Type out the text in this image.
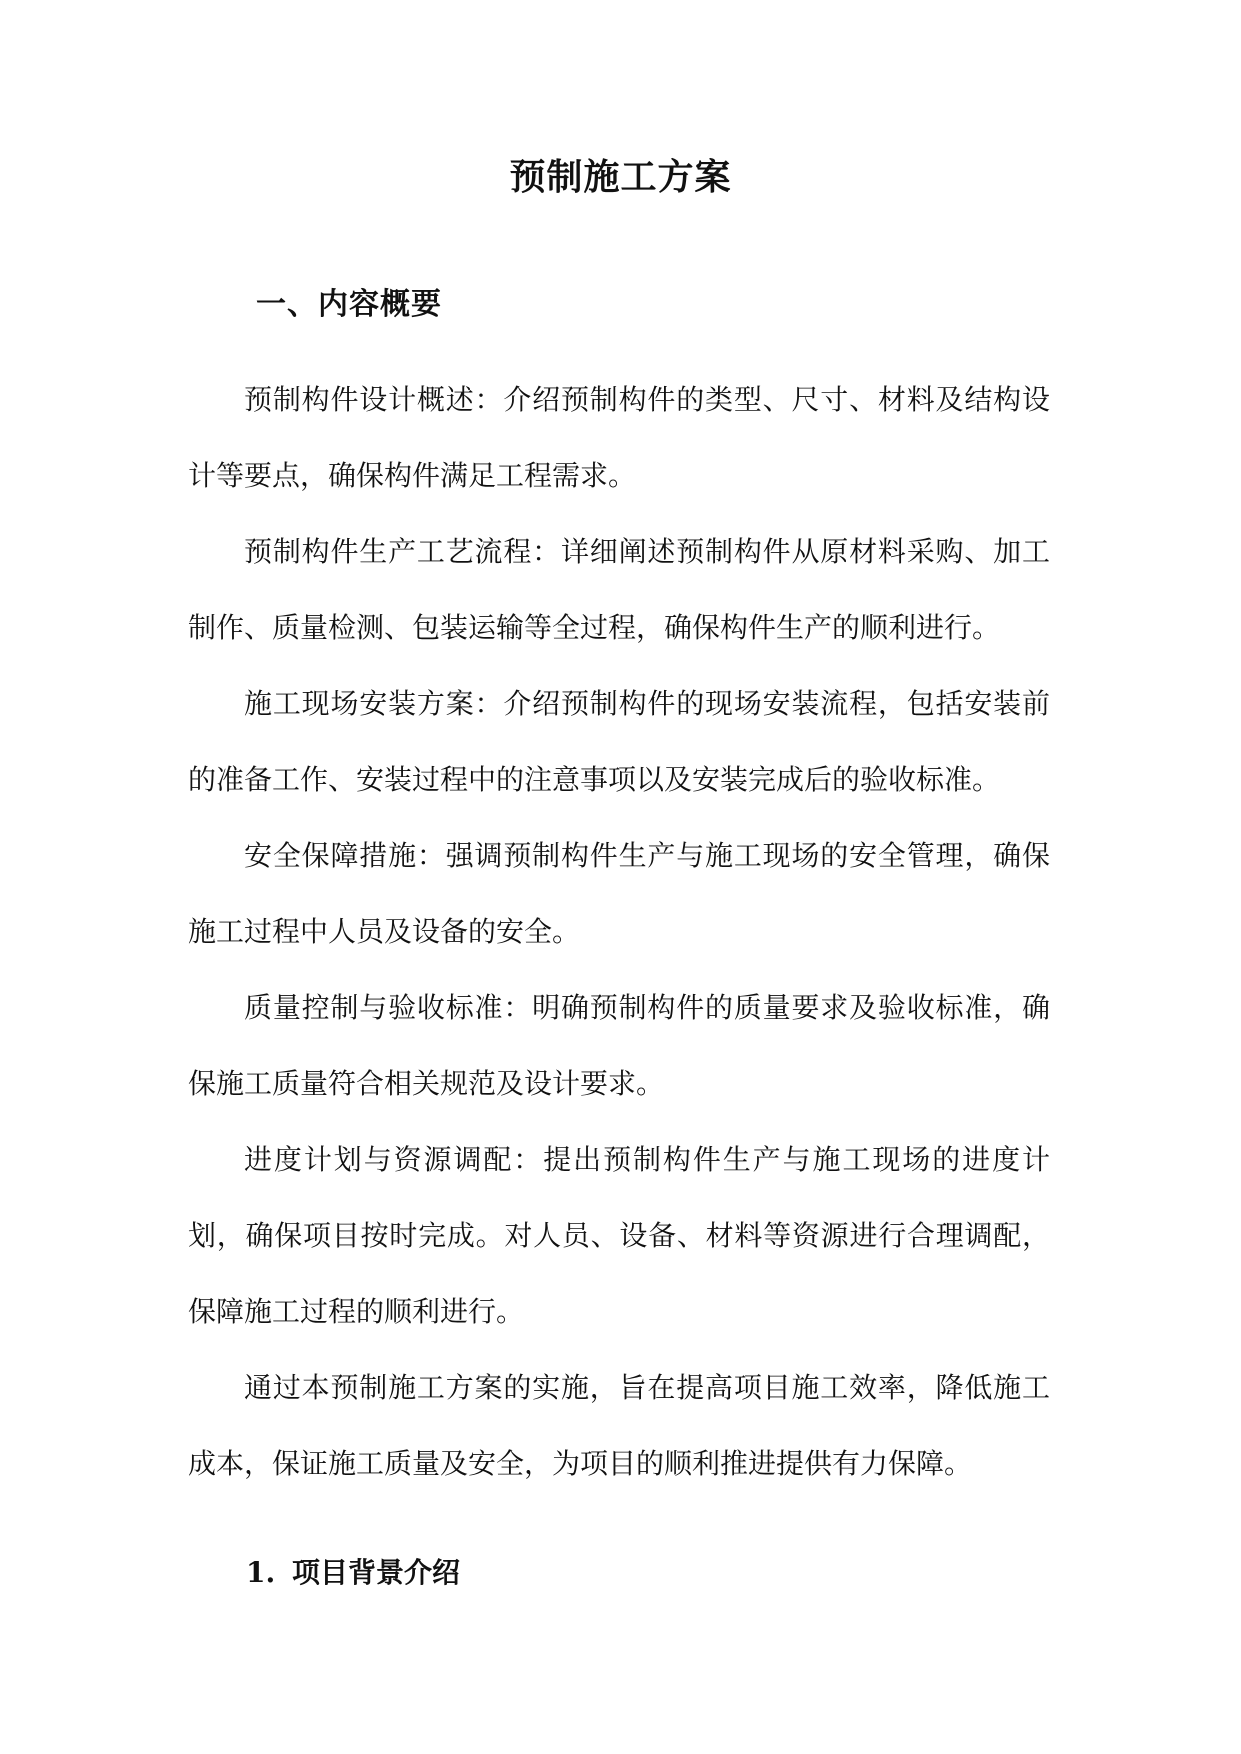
预制施工方案
一、内容概要

预制构件设计概述：介绍预制构件的类型、尺寸、材料及结构设计等要点，确保构件满足工程需求。

预制构件生产工艺流程：详细阐述预制构件从原材料采购、加工制作、质量检测、包装运输等全过程，确保构件生产的顺利进行。

施工现场安装方案：介绍预制构件的现场安装流程，包括安装前的准备工作、安装过程中的注意事项以及安装完成后的验收标准。

安全保障措施：强调预制构件生产与施工现场的安全管理，确保施工过程中人员及设备的安全。

质量控制与验收标准：明确预制构件的质量要求及验收标准，确保施工质量符合相关规范及设计要求。

进度计划与资源调配：提出预制构件生产与施工现场的进度计划，确保项目按时完成。对人员、设备、材料等资源进行合理调配，保障施工过程的顺利进行。

通过本预制施工方案的实施，旨在提高项目施工效率，降低施工成本，保证施工质量及安全，为项目的顺利推进提供有力保障。

1. 项目背景介绍
